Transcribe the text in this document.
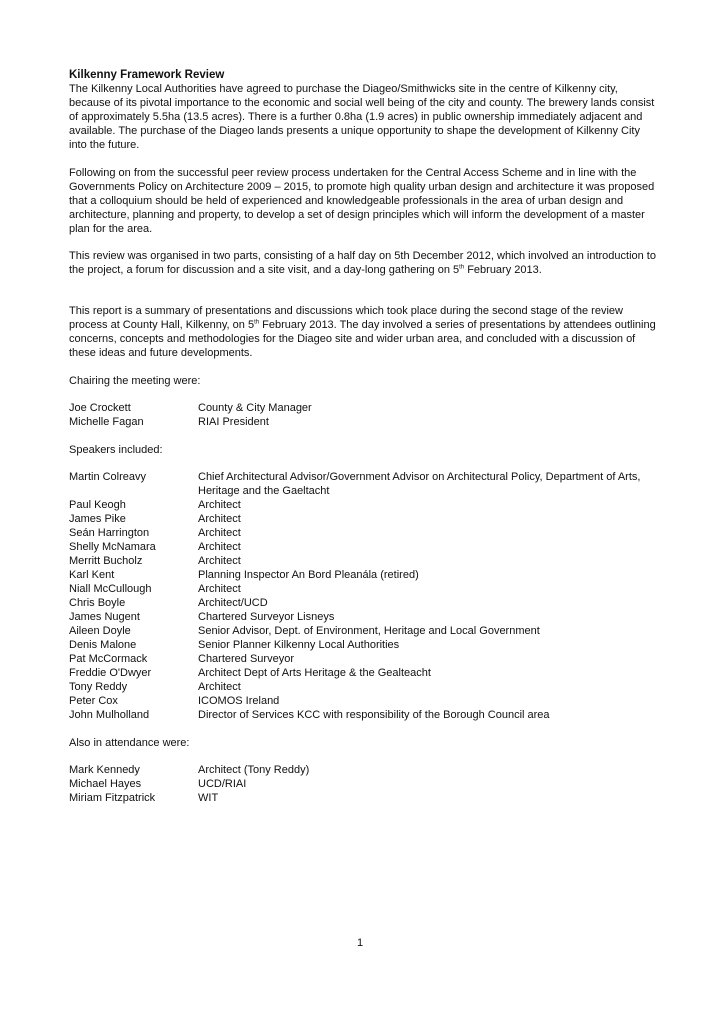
Kilkenny Framework Review

The Kilkenny Local Authorities have agreed to purchase the Diageo/Smithwicks site in the centre of Kilkenny city, because of its pivotal importance to the economic and social well being of the city and county. The brewery lands consist of approximately 5.5ha (13.5 acres). There is a further 0.8ha (1.9 acres) in public ownership immediately adjacent and available. The purchase of the Diageo lands presents a unique opportunity to shape the development of Kilkenny City into the future.

Following on from the successful peer review process undertaken for the Central Access Scheme and in line with the Governments Policy on Architecture 2009 – 2015, to promote high quality urban design and architecture it was proposed that a colloquium should be held of experienced and knowledgeable professionals in the area of urban design and architecture, planning and property, to develop a set of design principles which will inform the development of a master plan for the area.

This review was organised in two parts, consisting of a half day on 5th December 2012, which involved an introduction to the project, a forum for discussion and a site visit, and a day-long gathering on 5th February 2013.

This report is a summary of presentations and discussions which took place during the second stage of the review process at County Hall, Kilkenny, on 5th February 2013. The day involved a series of presentations by attendees outlining concerns, concepts and methodologies for the Diageo site and wider urban area, and concluded with a discussion of these ideas and future developments.

Chairing the meeting were:
Joe Crockett	County & City Manager
Michelle Fagan	RIAI President
Speakers included:
Martin Colreavy	Chief Architectural Advisor/Government Advisor on Architectural Policy, Department of Arts, Heritage and the Gaeltacht
Paul Keogh	Architect
James Pike	Architect
Seán Harrington	Architect
Shelly McNamara	Architect
Merritt Bucholz	Architect
Karl Kent	Planning Inspector An Bord Pleanála (retired)
Niall McCullough	Architect
Chris Boyle	Architect/UCD
James Nugent	Chartered Surveyor Lisneys
Aileen Doyle	Senior Advisor, Dept. of Environment, Heritage and Local Government
Denis Malone	Senior Planner Kilkenny Local Authorities
Pat McCormack	Chartered Surveyor
Freddie O'Dwyer	Architect Dept of Arts Heritage & the Gealteacht
Tony Reddy	Architect
Peter Cox	ICOMOS Ireland
John Mulholland	Director of Services KCC with responsibility of the Borough Council area
Also in attendance were:
Mark Kennedy	Architect (Tony Reddy)
Michael Hayes	UCD/RIAI
Miriam Fitzpatrick	WIT
1
